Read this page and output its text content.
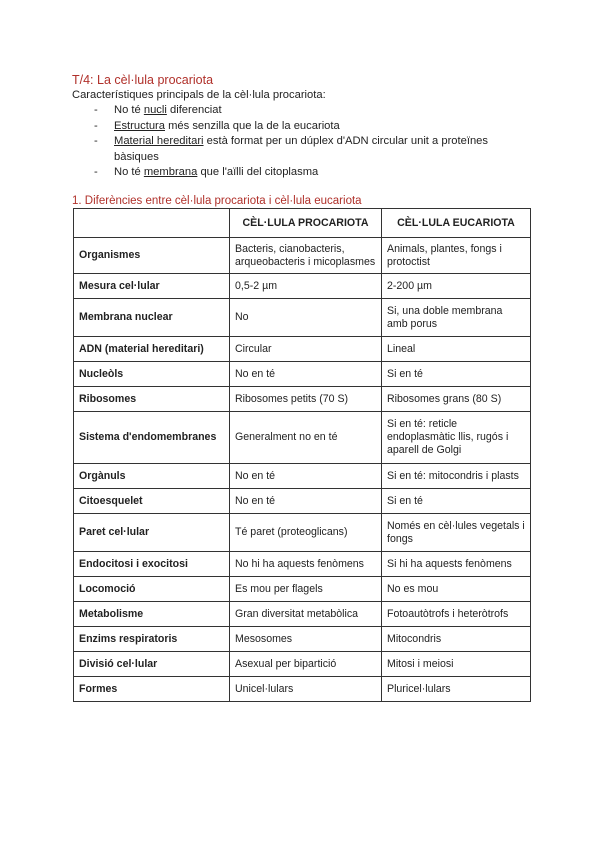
T/4: La cèl·lula procariota

Característiques principals de la cèl·lula procariota:

- No té nucli diferenciat
- Estructura més senzilla que la de la eucariota
- Material hereditari està format per un dúplex d'ADN circular unit a proteïnes bàsiques
- No té membrana que l'aïlli del citoplasma

1. Diferències entre cèl·lula procariota i cèl·lula eucariota

	CÈL·LULA PROCARIOTA	CÈL·LULA EUCARIOTA
Organismes	Bacteris, cianobacteris, arqueobacteris i micoplasmes	Animals, plantes, fongs i protoctist
Mesura cel·lular	0,5-2 µm	2-200 µm
Membrana nuclear	No	Si, una doble membrana amb porus
ADN (material hereditari)	Circular	Lineal
Nucleòls	No en té	Si en té
Ribosomes	Ribosomes petits (70 S)	Ribosomes grans (80 S)
Sistema d'endomembranes	Generalment no en té	Si en té: reticle endoplasmàtic llis, rugós i aparell de Golgi
Orgànuls	No en té	Si en té: mitocondris i plasts
Citoesquelet	No en té	Si en té
Paret cel·lular	Té paret (proteoglicans)	Només en cèl·lules vegetals i fongs
Endocitosi i exocitosi	No hi ha aquests fenòmens	Si hi ha aquests fenòmens
Locomoció	Es mou per flagels	No es mou
Metabolisme	Gran diversitat metabòlica	Fotoautòtrofs i heteròtrofs
Enzims respiratoris	Mesosomes	Mitocondris
Divisió cel·lular	Asexual per bipartició	Mitosi i meiosi
Formes	Unicel·lulars	Pluricel·lulars
